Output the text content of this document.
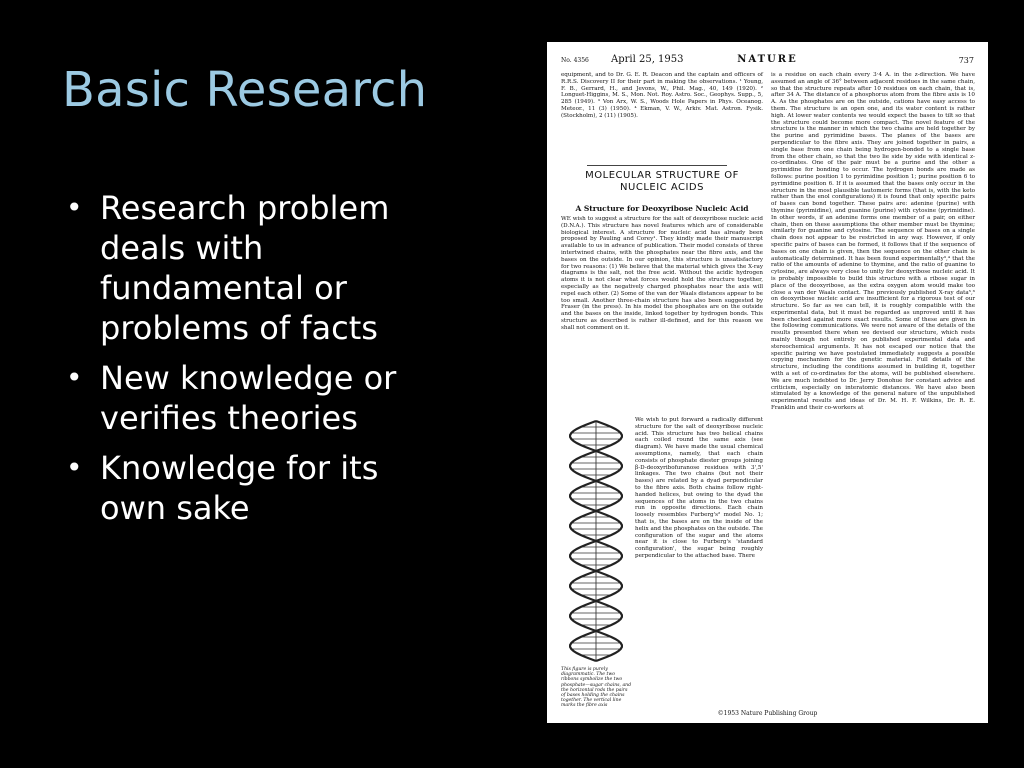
Basic Research
• Research problem deals with fundamental or problems of facts
• New knowledge or verifies theories
• Knowledge for its own sake
No. 4356 April 25, 1953	NATURE	737

equipment, and to Dr. G. E. R. Deacon and the captain and officers of R.R.S. Discovery II for their part in making the observations. ¹ Young, F. B., Gerrard, H., and Jevons, W., Phil. Mag., 40, 149 (1920). ² Longuet-Higgins, M. S., Mon. Not. Roy. Astro. Soc., Geophys. Supp., 5, 285 (1949). ³ Von Arx, W. S., Woods Hole Papers in Phys. Oceanog. Meteor., 11 (3) (1950). ⁴ Ekman, V. W., Arkiv. Mat. Astron. Fysik. (Stockholm), 2 (11) (1905).

MOLECULAR STRUCTURE OF NUCLEIC ACIDS
A Structure for Deoxyribose Nucleic Acid

WE wish to suggest a structure for the salt of deoxyribose nucleic acid (D.N.A.). This structure has novel features which are of considerable biological interest. A structure for nucleic acid has already been proposed by Pauling and Corey¹. They kindly made their manuscript available to us in advance of publication. Their model consists of three intertwined chains, with the phosphates near the fibre axis, and the bases on the outside. In our opinion, this structure is unsatisfactory for two reasons: (1) We believe that the material which gives the X-ray diagrams is the salt, not the free acid. Without the acidic hydrogen atoms it is not clear what forces would hold the structure together, especially as the negatively charged phosphates near the axis will repel each other. (2) Some of the van der Waals distances appear to be too small. Another three-chain structure has also been suggested by Fraser (in the press). In his model the phosphates are on the outside and the bases on the inside, linked together by hydrogen bonds. This structure as described is rather ill-defined, and for this reason we shall not comment on it.

This figure is purely diagrammatic. The two ribbons symbolize the two phosphate—sugar chains, and the horizontal rods the pairs of bases holding the chains together. The vertical line marks the fibre axis

We wish to put forward a radically different structure for the salt of deoxyribose nucleic acid. This structure has two helical chains each coiled round the same axis (see diagram). We have made the usual chemical assumptions, namely, that each chain consists of phosphate diester groups joining β-D-deoxyribofuranose residues with 3',5' linkages. The two chains (but not their bases) are related by a dyad perpendicular to the fibre axis. Both chains follow right-handed helices, but owing to the dyad the sequences of the atoms in the two chains run in opposite directions. Each chain loosely resembles Furberg's² model No. 1; that is, the bases are on the inside of the helix and the phosphates on the outside. The configuration of the sugar and the atoms near it is close to Furberg's 'standard configuration', the sugar being roughly perpendicular to the attached base. There

is a residue on each chain every 3·4 A. in the z-direction. We have assumed an angle of 36° between adjacent residues in the same chain, so that the structure repeats after 10 residues on each chain, that is, after 34 A. The distance of a phosphorus atom from the fibre axis is 10 A. As the phosphates are on the outside, cations have easy access to them. The structure is an open one, and its water content is rather high. At lower water contents we would expect the bases to tilt so that the structure could become more compact. The novel feature of the structure is the manner in which the two chains are held together by the purine and pyrimidine bases. The planes of the bases are perpendicular to the fibre axis. They are joined together in pairs, a single base from one chain being hydrogen-bonded to a single base from the other chain, so that the two lie side by side with identical z-co-ordinates. One of the pair must be a purine and the other a pyrimidine for bonding to occur. The hydrogen bonds are made as follows: purine position 1 to pyrimidine position 1; purine position 6 to pyrimidine position 6. If it is assumed that the bases only occur in the structure in the most plausible tautomeric forms (that is, with the keto rather than the enol configurations) it is found that only specific pairs of bases can bond together. These pairs are: adenine (purine) with thymine (pyrimidine), and guanine (purine) with cytosine (pyrimidine). In other words, if an adenine forms one member of a pair, on either chain, then on these assumptions the other member must be thymine; similarly for guanine and cytosine. The sequence of bases on a single chain does not appear to be restricted in any way. However, if only specific pairs of bases can be formed, it follows that if the sequence of bases on one chain is given, then the sequence on the other chain is automatically determined. It has been found experimentally³,⁴ that the ratio of the amounts of adenine to thymine, and the ratio of guanine to cytosine, are always very close to unity for deoxyribose nucleic acid. It is probably impossible to build this structure with a ribose sugar in place of the deoxyribose, as the extra oxygen atom would make too close a van der Waals contact. The previously published X-ray data⁵,⁶ on deoxyribose nucleic acid are insufficient for a rigorous test of our structure. So far as we can tell, it is roughly compatible with the experimental data, but it must be regarded as unproved until it has been checked against more exact results. Some of these are given in the following communications. We were not aware of the details of the results presented there when we devised our structure, which rests mainly though not entirely on published experimental data and stereochemical arguments. It has not escaped our notice that the specific pairing we have postulated immediately suggests a possible copying mechanism for the genetic material. Full details of the structure, including the conditions assumed in building it, together with a set of co-ordinates for the atoms, will be published elsewhere. We are much indebted to Dr. Jerry Donohue for constant advice and criticism, especially on interatomic distances. We have also been stimulated by a knowledge of the general nature of the unpublished experimental results and ideas of Dr. M. H. F. Wilkins, Dr. R. E. Franklin and their co-workers at

©1953 Nature Publishing Group
